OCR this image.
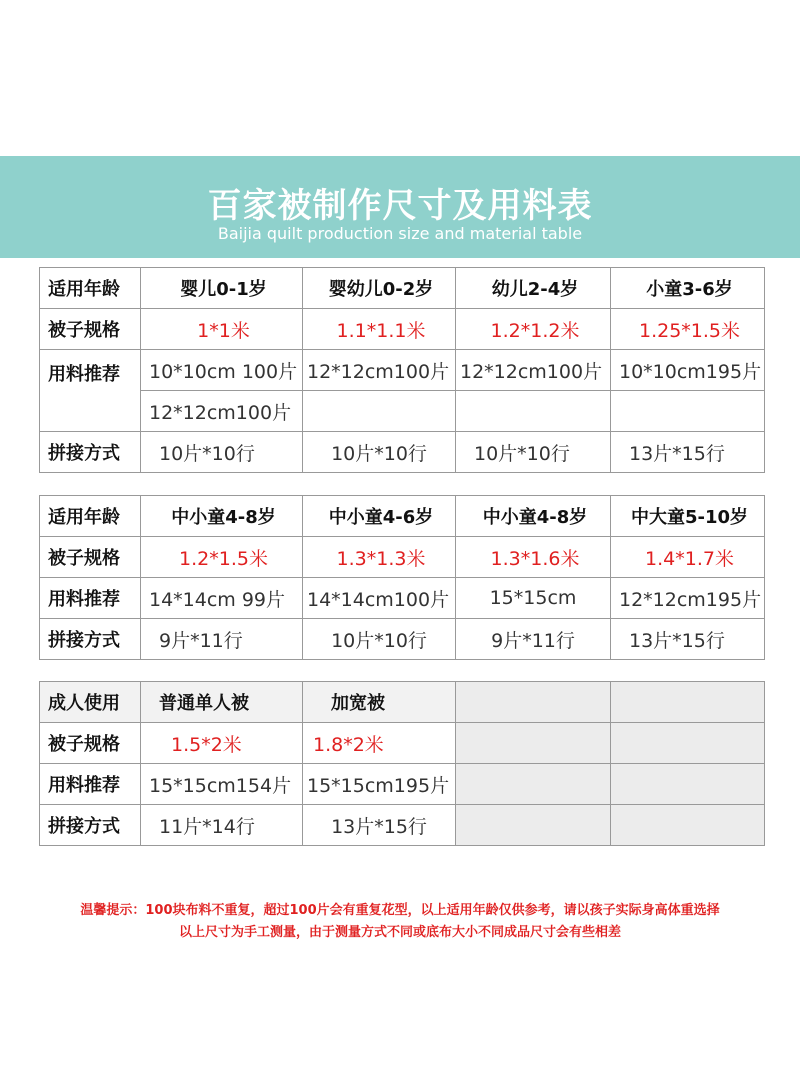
百家被制作尺寸及用料表
Baijia quilt production size and material table
适用年龄	婴儿0-1岁	婴幼儿0-2岁	幼儿2-4岁	小童3-6岁
被子规格	1*1米	1.1*1.1米	1.2*1.2米	1.25*1.5米
用料推荐	10*10cm 100片	12*12cm100片	12*12cm100片	10*10cm195片
	12*12cm100片			
拼接方式	10片*10行	10片*10行	10片*10行	13片*15行
适用年龄	中小童4-8岁	中小童4-6岁	中小童4-8岁	中大童5-10岁
被子规格	1.2*1.5米	1.3*1.3米	1.3*1.6米	1.4*1.7米
用料推荐	14*14cm 99片	14*14cm100片	15*15cm	12*12cm195片
拼接方式	9片*11行	10片*10行	9片*11行	13片*15行
成人使用	普通单人被	加宽被		
被子规格	1.5*2米	1.8*2米		
用料推荐	15*15cm154片	15*15cm195片		
拼接方式	11片*14行	13片*15行		
温馨提示：100块布料不重复，超过100片会有重复花型，以上适用年龄仅供参考，请以孩子实际身高体重选择
以上尺寸为手工测量，由于测量方式不同或底布大小不同成品尺寸会有些相差
